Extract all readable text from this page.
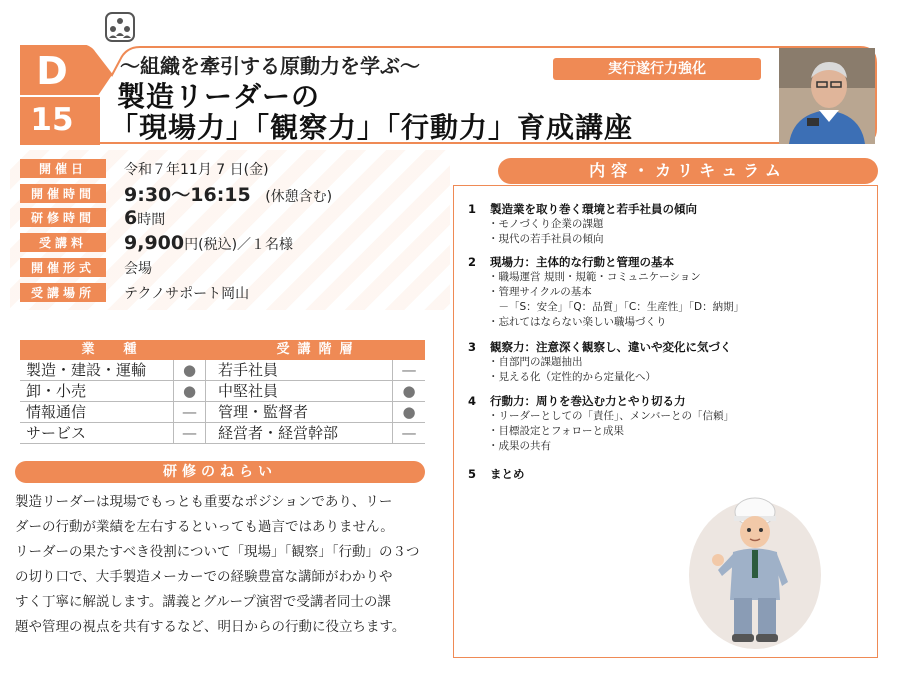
D
15
～組織を牽引する原動力を学ぶ～
製造リーダーの
「現場力」「観察力」「行動力」育成講座
実行遂行力強化
開催日	令和７年11月 7 日(金)
開催時間	9:30～16:15 (休憩含む)
研修時間	6時間
受講料	9,900円(税込)／１名様
開催形式	会場
受講場所	テクノサポート岡山
業　種	受講階層
製造・建設・運輸	●	若手社員	—
卸・小売	●	中堅社員	●
情報通信	—	管理・監督者	●
サービス	—	経営者・経営幹部	—
研修のねらい
製造リーダーは現場でもっとも重要なポジションであり、リー
ダーの行動が業績を左右するといっても過言ではありません。
リーダーの果たすべき役割について「現場」「観察」「行動」の３つ
の切り口で、大手製造メーカーでの経験豊富な講師がわかりや
すく丁寧に解説します。講義とグループ演習で受講者同士の課
題や管理の視点を共有するなど、明日からの行動に役立ちます。
内容・カリキュラム
1 製造業を取り巻く環境と若手社員の傾向
・モノづくり企業の課題
・現代の若手社員の傾向
2 現場力：主体的な行動と管理の基本
・職場運営 規則・規範・コミュニケーション
・管理サイクルの基本
　－「S：安全」「Q：品質」「C：生産性」「D：納期」
・忘れてはならない楽しい職場づくり
3 観察力：注意深く観察し、違いや変化に気づく
・自部門の課題抽出
・見える化（定性的から定量化へ）
4 行動力：周りを巻込む力とやり切る力
・リーダーとしての「責任」、メンバーとの「信頼」
・目標設定とフォローと成果
・成果の共有
5 まとめ
